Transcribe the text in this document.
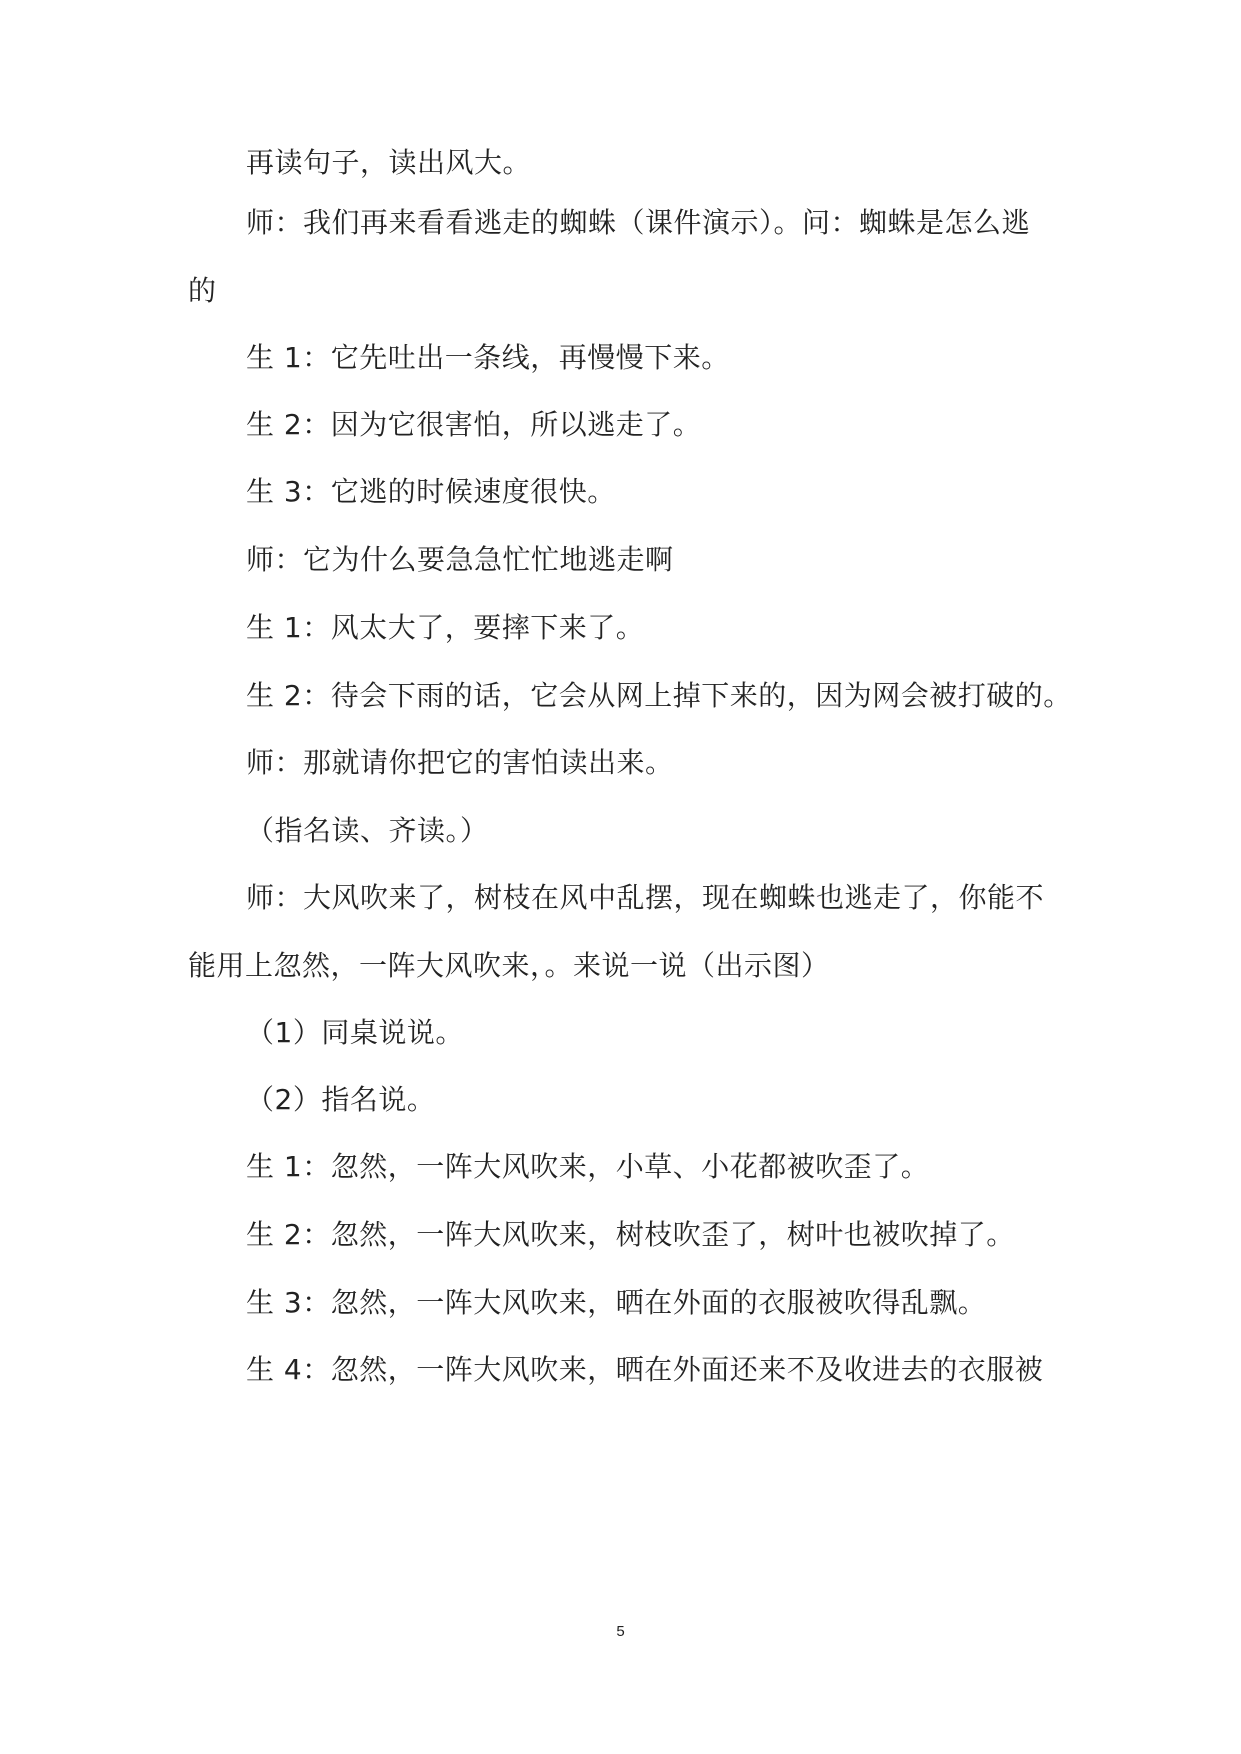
再读句子，读出风大。
师：我们再来看看逃走的蜘蛛（课件演示）。问：蜘蛛是怎么逃
的
生 1：它先吐出一条线，再慢慢下来。
生 2：因为它很害怕，所以逃走了。
生 3：它逃的时候速度很快。
师：它为什么要急急忙忙地逃走啊
生 1：风太大了，要摔下来了。
生 2：待会下雨的话，它会从网上掉下来的，因为网会被打破的。
师：那就请你把它的害怕读出来。
（指名读、齐读。）
师：大风吹来了，树枝在风中乱摆，现在蜘蛛也逃走了，你能不
能用上忽然，一阵大风吹来，。来说一说（出示图）
（1）同桌说说。
（2）指名说。
生 1：忽然，一阵大风吹来，小草、小花都被吹歪了。
生 2：忽然，一阵大风吹来，树枝吹歪了，树叶也被吹掉了。
生 3：忽然，一阵大风吹来，晒在外面的衣服被吹得乱飘。
生 4：忽然，一阵大风吹来，晒在外面还来不及收进去的衣服被
5
